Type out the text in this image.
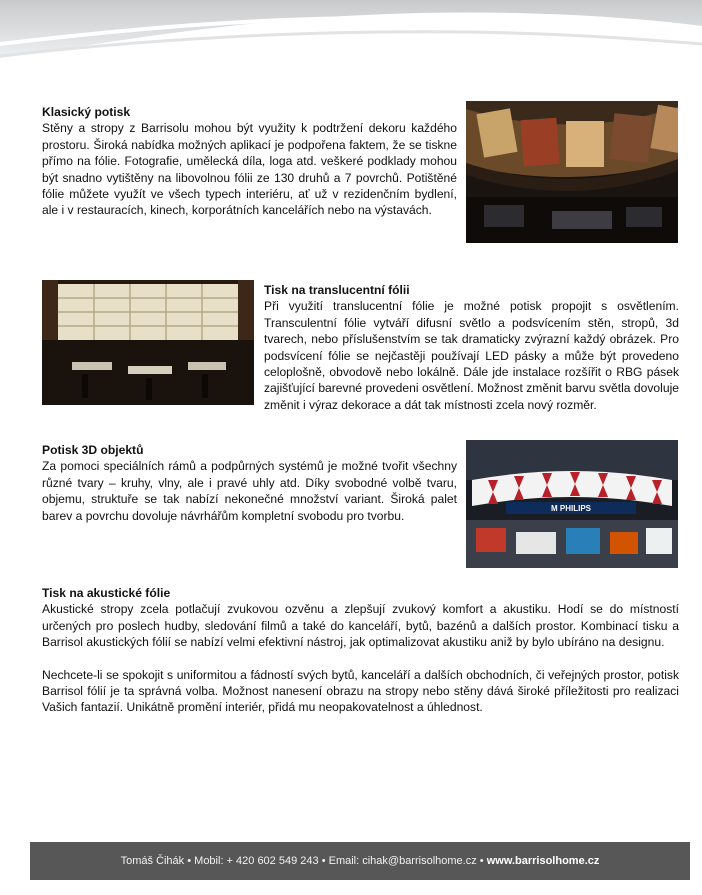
Klasický potisk

Stěny a stropy z Barrisolu mohou být využity k podtržení dekoru každého prostoru. Široká nabídka možných aplikací je podpořena faktem, že se tiskne přímo na fólie. Fotografie, umělecká díla, loga atd. veškeré podklady mohou být snadno vytištěny na libovolnou fólii ze 130 druhů a 7 povrchů. Potištěné fólie můžete využít ve všech typech interiéru, ať už v rezidenčním bydlení, ale i v restauracích, kinech, korporátních kancelářích nebo na výstavách.

Tisk na translucentní fólii

Při využití translucentní fólie je možné potisk propojit s osvětlením. Transculentní fólie vytváří difusní světlo a podsvícením stěn, stropů, 3d tvarech, nebo příslušenstvím se tak dramaticky zvýrazní každý obrázek. Pro podsvícení fólie se nejčastěji používají LED pásky a může být provedeno celoplošně, obvodově nebo lokálně. Dále jde instalace rozšířit o RBG pásek zajišťující barevné provedeni osvětlení. Možnost změnit barvu světla dovoluje změnit i výraz dekorace a dát tak místnosti zcela nový rozměr.

Potisk 3D objektů

Za pomoci speciálních rámů a podpůrných systémů je možné tvořit všechny různé tvary – kruhy, vlny, ale i pravé uhly atd. Díky svobodné volbě tvaru, objemu, struktuře se tak nabízí nekonečné množství variant. Široká palet barev a povrchu dovoluje návrhářům kompletní svobodu pro tvorbu.

M PHILIPS
Tisk na akustické fólie

Akustické stropy zcela potlačují zvukovou ozvěnu a zlepšují zvukový komfort a akustiku. Hodí se do místností určených pro poslech hudby, sledování filmů a také do kanceláří, bytů, bazénů a dalších prostor. Kombinací tisku a Barrisol akustických fólií se nabízí velmi efektivní nástroj, jak optimalizovat akustiku aniž by bylo ubíráno na designu.

Nechcete-li se spokojit s uniformitou a fádností svých bytů, kanceláří a dalších obchodních, či veřejných prostor, potisk Barrisol fólií je ta správná volba. Možnost nanesení obrazu na stropy nebo stěny dává široké příležitosti pro realizaci Vašich fantazií. Unikátně promění interiér, přidá mu neopakovatelnost a úhlednost.

Tomáš Čihák • Mobil: + 420 602 549 243 • Email: cihak@barrisolhome.cz • www.barrisolhome.cz
